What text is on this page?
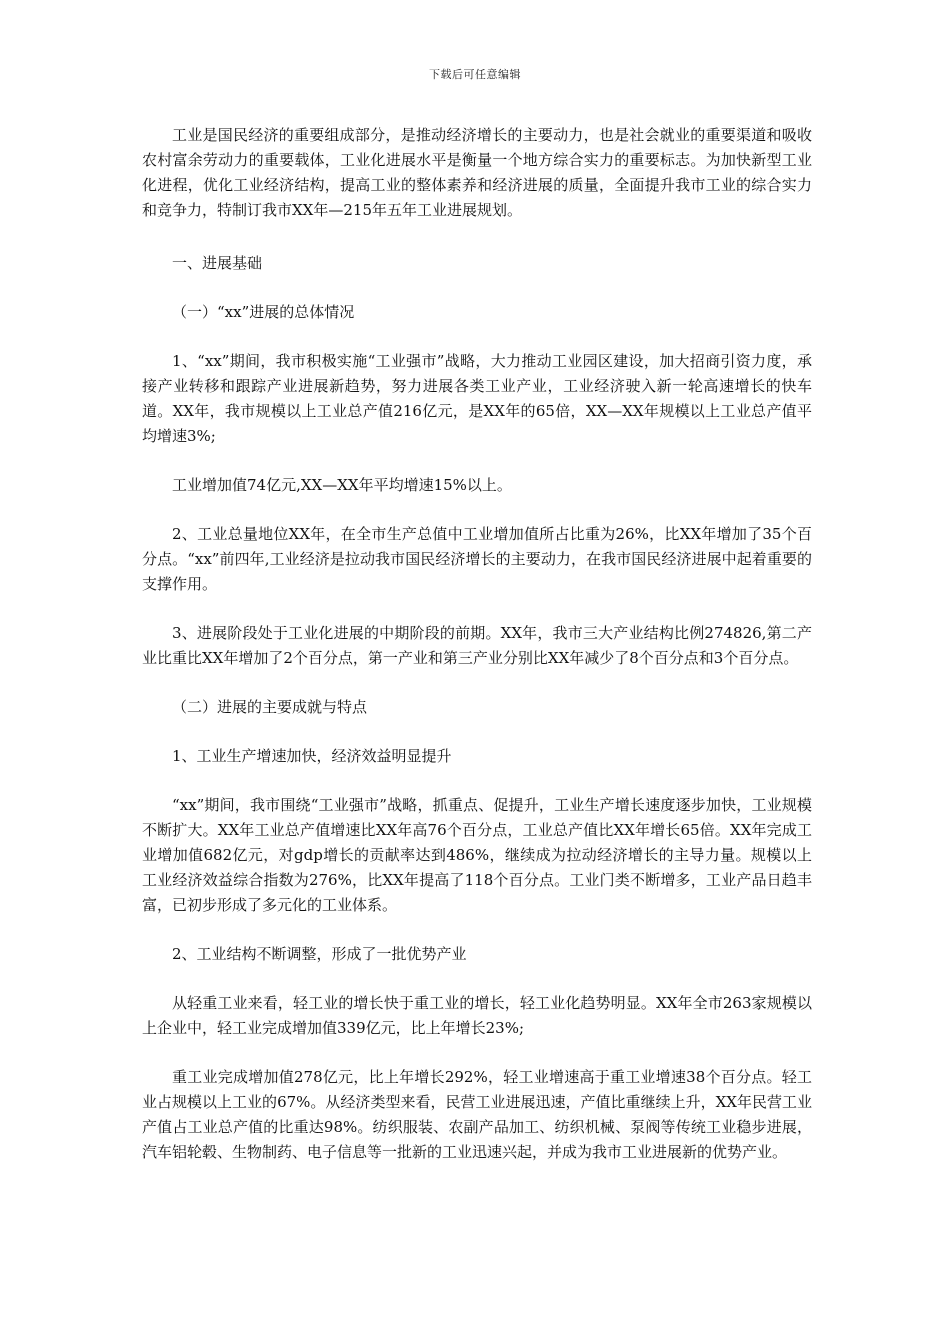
下载后可任意编辑

工业是国民经济的重要组成部分，是推动经济增长的主要动力，也是社会就业的重要渠道和吸收农村富余劳动力的重要载体，工业化进展水平是衡量一个地方综合实力的重要标志。为加快新型工业化进程，优化工业经济结构，提高工业的整体素养和经济进展的质量，全面提升我市工业的综合实力和竞争力，特制订我市XX年—215年五年工业进展规划。

一、进展基础

（一）“xx”进展的总体情况

1、“xx”期间，我市积极实施“工业强市”战略，大力推动工业园区建设，加大招商引资力度，承接产业转移和跟踪产业进展新趋势，努力进展各类工业产业，工业经济驶入新一轮高速增长的快车道。XX年，我市规模以上工业总产值216亿元，是XX年的65倍，XX—XX年规模以上工业总产值平均增速3%;

工业增加值74亿元,XX—XX年平均增速15%以上。

2、工业总量地位XX年，在全市生产总值中工业增加值所占比重为26%，比XX年增加了35个百分点。“xx”前四年,工业经济是拉动我市国民经济增长的主要动力，在我市国民经济进展中起着重要的支撑作用。

3、进展阶段处于工业化进展的中期阶段的前期。XX年，我市三大产业结构比例274826,第二产业比重比XX年增加了2个百分点，第一产业和第三产业分别比XX年减少了8个百分点和3个百分点。

（二）进展的主要成就与特点

1、工业生产增速加快，经济效益明显提升

“xx”期间，我市围绕“工业强市”战略，抓重点、促提升，工业生产增长速度逐步加快，工业规模不断扩大。XX年工业总产值增速比XX年高76个百分点，工业总产值比XX年增长65倍。XX年完成工业增加值682亿元，对gdp增长的贡献率达到486%，继续成为拉动经济增长的主导力量。规模以上工业经济效益综合指数为276%，比XX年提高了118个百分点。工业门类不断增多，工业产品日趋丰富，已初步形成了多元化的工业体系。

2、工业结构不断调整，形成了一批优势产业

从轻重工业来看，轻工业的增长快于重工业的增长，轻工业化趋势明显。XX年全市263家规模以上企业中，轻工业完成增加值339亿元，比上年增长23%;

重工业完成增加值278亿元，比上年增长292%，轻工业增速高于重工业增速38个百分点。轻工业占规模以上工业的67%。从经济类型来看，民营工业进展迅速，产值比重继续上升，XX年民营工业产值占工业总产值的比重达98%。纺织服装、农副产品加工、纺织机械、泵阀等传统工业稳步进展，汽车铝轮毂、生物制药、电子信息等一批新的工业迅速兴起，并成为我市工业进展新的优势产业。
